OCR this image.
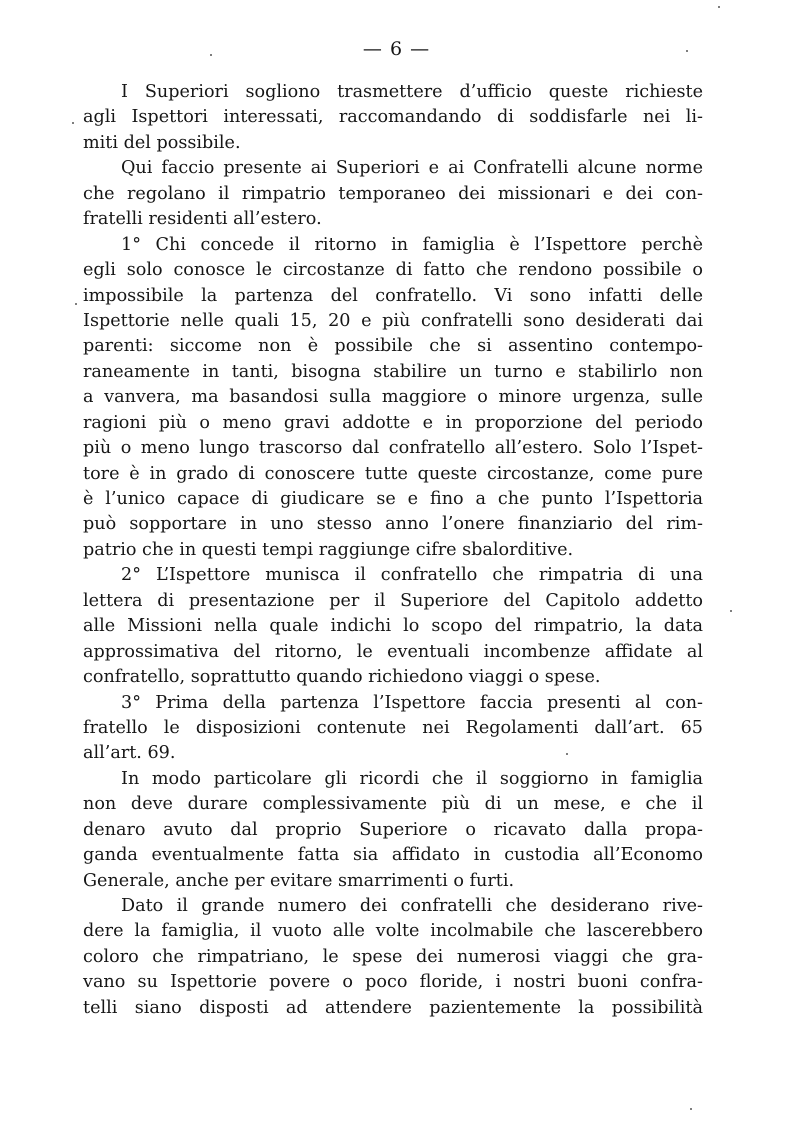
— 6 —
I Superiori sogliono trasmettere d’ufficio queste richieste
agli Ispettori interessati, raccomandando di soddisfarle nei li-
miti del possibile.
Qui faccio presente ai Superiori e ai Confratelli alcune norme
che regolano il rimpatrio temporaneo dei missionari e dei con-
fratelli residenti all’estero.
1° Chi concede il ritorno in famiglia è l’Ispettore perchè
egli solo conosce le circostanze di fatto che rendono possibile o
impossibile la partenza del confratello. Vi sono infatti delle
Ispettorie nelle quali 15, 20 e più confratelli sono desiderati dai
parenti: siccome non è possibile che si assentino contempo-
raneamente in tanti, bisogna stabilire un turno e stabilirlo non
a vanvera, ma basandosi sulla maggiore o minore urgenza, sulle
ragioni più o meno gravi addotte e in proporzione del periodo
più o meno lungo trascorso dal confratello all’estero. Solo l’Ispet-
tore è in grado di conoscere tutte queste circostanze, come pure
è l’unico capace di giudicare se e fino a che punto l’Ispettoria
può sopportare in uno stesso anno l’onere finanziario del rim-
patrio che in questi tempi raggiunge cifre sbalorditive.
2° L’Ispettore munisca il confratello che rimpatria di una
lettera di presentazione per il Superiore del Capitolo addetto
alle Missioni nella quale indichi lo scopo del rimpatrio, la data
approssimativa del ritorno, le eventuali incombenze affidate al
confratello, soprattutto quando richiedono viaggi o spese.
3° Prima della partenza l’Ispettore faccia presenti al con-
fratello le disposizioni contenute nei Regolamenti dall’art. 65
all’art. 69.
In modo particolare gli ricordi che il soggiorno in famiglia
non deve durare complessivamente più di un mese, e che il
denaro avuto dal proprio Superiore o ricavato dalla propa-
ganda eventualmente fatta sia affidato in custodia all’Economo
Generale, anche per evitare smarrimenti o furti.
Dato il grande numero dei confratelli che desiderano rive-
dere la famiglia, il vuoto alle volte incolmabile che lascerebbero
coloro che rimpatriano, le spese dei numerosi viaggi che gra-
vano su Ispettorie povere o poco floride, i nostri buoni confra-
telli siano disposti ad attendere pazientemente la possibilità
